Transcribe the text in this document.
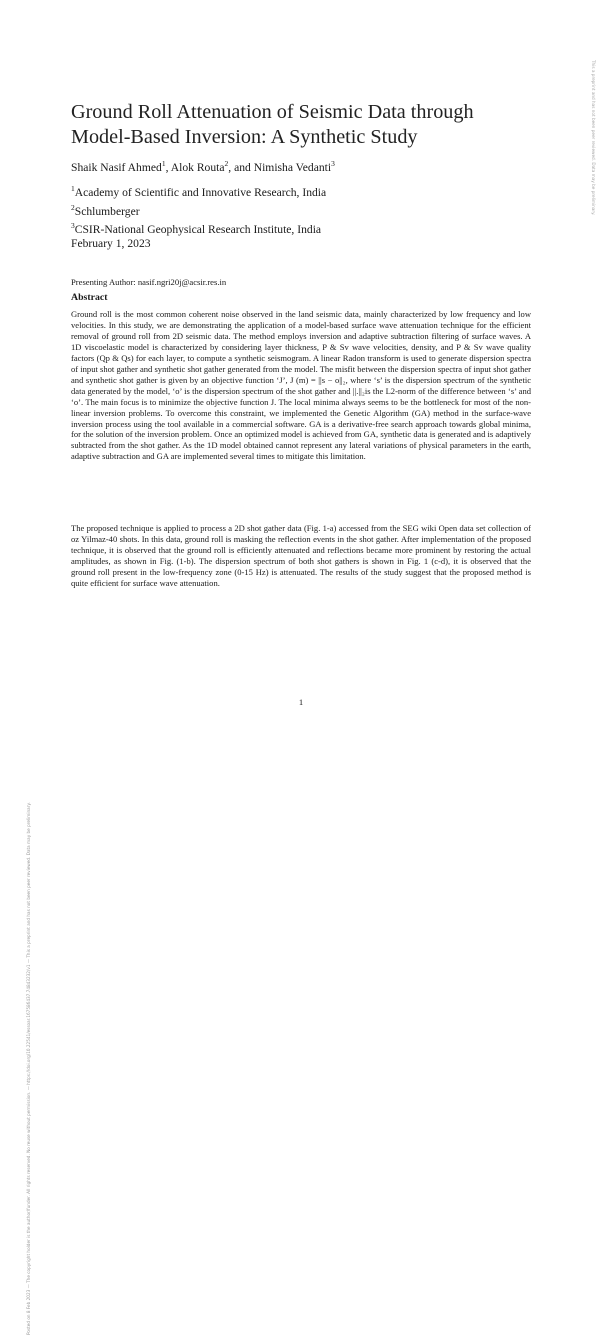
Posted on 8 Feb 2023 — The copyright holder is the author/funder. All rights reserved. No reuse without permission. — https://doi.org/10.22541/essoar.167586437.74843232/v1 — This a preprint and has not been peer reviewed. Data may be preliminary.
This a preprint and has not been peer reviewed. Data may be preliminary.
Ground Roll Attenuation of Seismic Data through Model-Based Inversion: A Synthetic Study
Shaik Nasif Ahmed$^1$, Alok Routa$^2$, and Nimisha Vedanti$^3$
$^1$Academy of Scientific and Innovative Research, India
$^2$Schlumberger
$^3$CSIR-National Geophysical Research Institute, India
February 1, 2023
Presenting Author: nasif.ngri20j@acsir.res.in
Abstract

Ground roll is the most common coherent noise observed in the land seismic data, mainly characterized by low frequency and low velocities. In this study, we are demonstrating the application of a model-based surface wave attenuation technique for the efficient removal of ground roll from 2D seismic data. The method employs inversion and adaptive subtraction filtering of surface waves. A 1D viscoelastic model is characterized by considering layer thickness, P & Sv wave velocities, density, and P & Sv wave quality factors (Qp & Qs) for each layer, to compute a synthetic seismogram. A linear Radon transform is used to generate dispersion spectra of input shot gather and synthetic shot gather generated from the model. The misfit between the dispersion spectra of input shot gather and synthetic shot gather is given by an objective function ‘J’, J (m) = ||s − o||₂, where ‘s’ is the dispersion spectrum of the synthetic data generated by the model, ‘o’ is the dispersion spectrum of the shot gather and ||.||₂is the L2-norm of the difference between ‘s’ and ‘o’. The main focus is to minimize the objective function J. The local minima always seems to be the bottleneck for most of the non-linear inversion problems. To overcome this constraint, we implemented the Genetic Algorithm (GA) method in the surface-wave inversion process using the tool available in a commercial software. GA is a derivative-free search approach towards global minima, for the solution of the inversion problem. Once an optimized model is achieved from GA, synthetic data is generated and is adaptively subtracted from the shot gather. As the 1D model obtained cannot represent any lateral variations of physical parameters in the earth, adaptive subtraction and GA are implemented several times to mitigate this limitation.

The proposed technique is applied to process a 2D shot gather data (Fig. 1-a) accessed from the SEG wiki Open data set collection of oz Yilmaz-40 shots. In this data, ground roll is masking the reflection events in the shot gather. After implementation of the proposed technique, it is observed that the ground roll is efficiently attenuated and reflections became more prominent by restoring the actual amplitudes, as shown in Fig. (1-b). The dispersion spectrum of both shot gathers is shown in Fig. 1 (c-d), it is observed that the ground roll present in the low-frequency zone (0-15 Hz) is attenuated. The results of the study suggest that the proposed method is quite efficient for surface wave attenuation.

1
